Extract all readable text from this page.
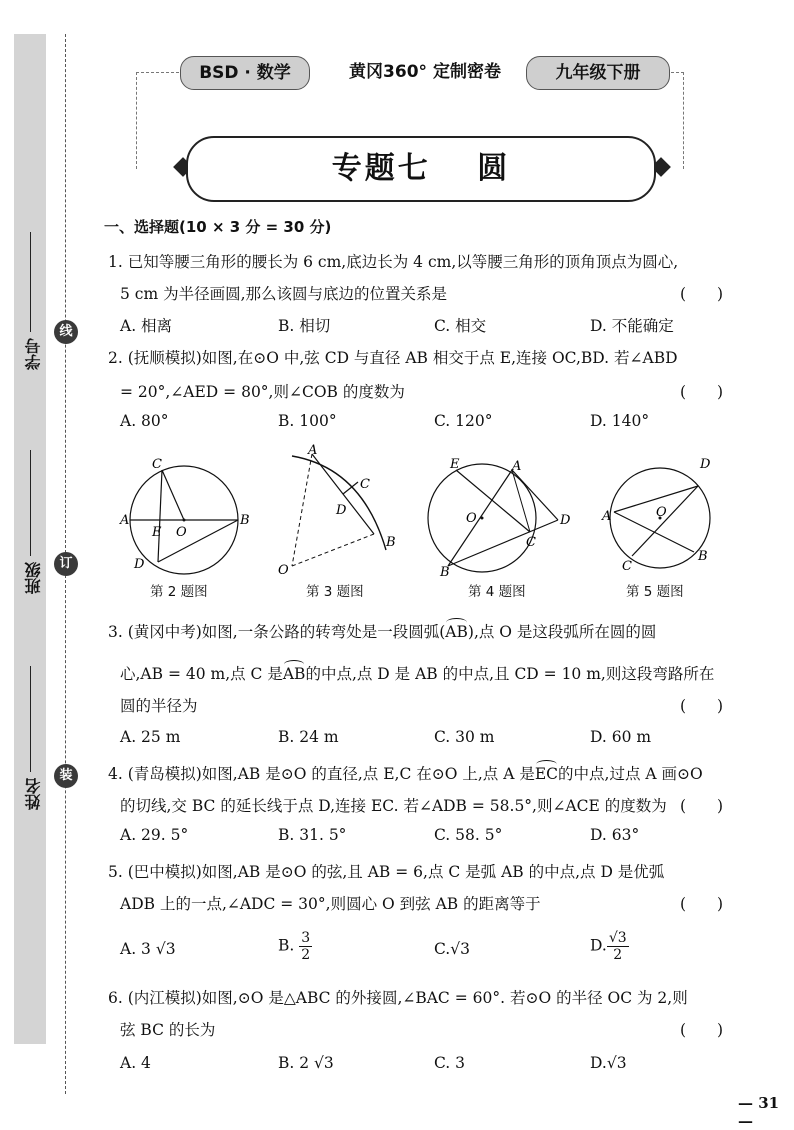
线
订
装
学号
班级
姓名
BSD · 数学	黄冈360° 定制密卷	九年级下册
专题七　 圆
一、选择题(10 × 3 分 = 30 分)
1. 已知等腰三角形的腰长为 6 cm,底边长为 4 cm,以等腰三角形的顶角顶点为圆心,
5 cm 为半径画圆,那么该圆与底边的位置关系是	(　　)
A. 相离	B. 相切	C. 相交	D. 不能确定
2. (抚顺模拟)如图,在⊙O 中,弦 CD 与直径 AB 相交于点 E,连接 OC,BD. 若∠ABD
= 20°,∠AED = 80°,则∠COB 的度数为	(　　)
A. 80°	B. 100°	C. 120°	D. 140°
C
A
E O
B
D
第 2 题图
A
C
D
B
O
第 3 题图
E	A
O
C
D
B
第 4 题图
D
A	O
C
B
第 5 题图
3. (黄冈中考)如图,一条公路的转弯处是一段圆弧(AB),点 O 是这段弧所在圆的圆
心,AB = 40 m,点 C 是AB的中点,点 D 是 AB 的中点,且 CD = 10 m,则这段弯路所在
圆的半径为	(　　)
A. 25 m	B. 24 m	C. 30 m	D. 60 m
4. (青岛模拟)如图,AB 是⊙O 的直径,点 E,C 在⊙O 上,点 A 是EC的中点,过点 A 画⊙O
的切线,交 BC 的延长线于点 D,连接 EC. 若∠ADB = 58.5°,则∠ACE 的度数为 (　　)
A. 29. 5°	B. 31. 5°	C. 58. 5°	D. 63°
5. (巴中模拟)如图,AB 是⊙O 的弦,且 AB = 6,点 C 是弧 AB 的中点,点 D 是优弧
ADB 上的一点,∠ADC = 30°,则圆心 O 到弦 AB 的距离等于	(　　)
A. 3 √3	B. $\frac{3}{2}$	C.√3	D. $\frac{√3}{2}$
6. (内江模拟)如图,⊙O 是△ABC 的外接圆,∠BAC = 60°. 若⊙O 的半径 OC 为 2,则
弦 BC 的长为	(　　)
A. 4	B. 2 √3	C. 3	D.√3
— 31 —
